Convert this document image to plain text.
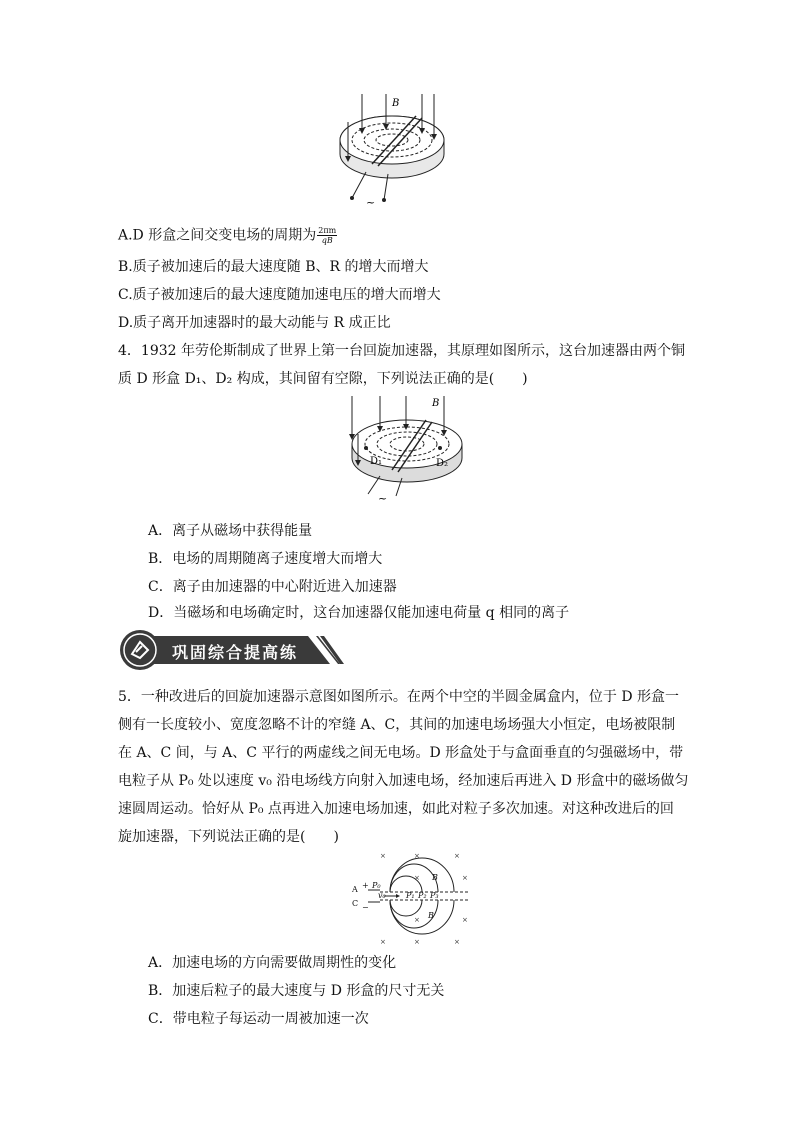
B
~
A.D 形盒之间交变电场的周期为 $\frac{2\pi m}{qB}$
B.质子被加速后的最大速度随 B、R 的增大而增大
C.质子被加速后的最大速度随加速电压的增大而增大
D.质子离开加速器时的最大动能与 R 成正比
4．1932 年劳伦斯制成了世界上第一台回旋加速器，其原理如图所示，这台加速器由两个铜
质 D 形盒 D₁、D₂ 构成，其间留有空隙，下列说法正确的是(　　)
B
D₁	D₂
~
A．离子从磁场中获得能量
B．电场的周期随离子速度增大而增大
C．离子由加速器的中心附近进入加速器
D．当磁场和电场确定时，这台加速器仅能加速电荷量 q 相同的离子
巩固综合提高练
5．一种改进后的回旋加速器示意图如图所示。在两个中空的半圆金属盒内，位于 D 形盒一
侧有一长度较小、宽度忽略不计的窄缝 A、C，其间的加速电场场强大小恒定，电场被限制
在 A、C 间，与 A、C 平行的两虚线之间无电场。D 形盒处于与盒面垂直的匀强磁场中，带
电粒子从 P₀ 处以速度 v₀ 沿电场线方向射入加速电场，经加速后再进入 D 形盒中的磁场做匀
速圆周运动。恰好从 P₀ 点再进入加速电场加速，如此对粒子多次加速。对这种改进后的回
旋加速器，下列说法正确的是(　　)
×	×	×
×	×	×
×
×
×
×
A
C
+
−
P₀
v₀	P₁ P₂ P₃
B
B
A．加速电场的方向需要做周期性的变化
B．加速后粒子的最大速度与 D 形盒的尺寸无关
C．带电粒子每运动一周被加速一次
